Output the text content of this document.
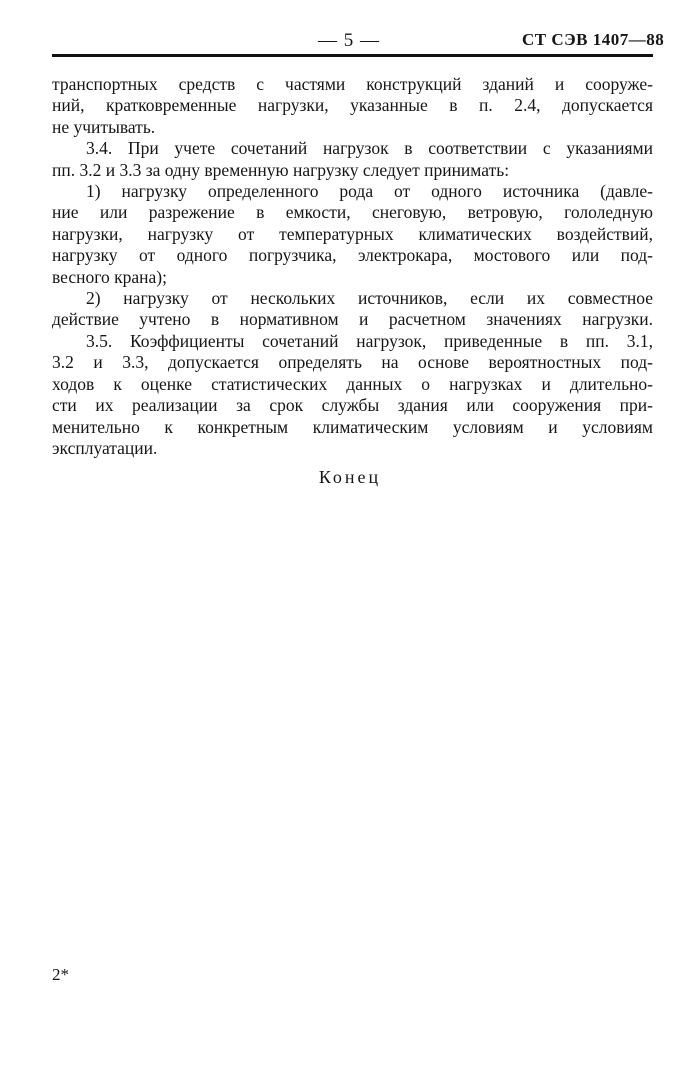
— 5 —	СТ СЭВ 1407—88
транспортных средств с частями конструкций зданий и сооруже-
ний, кратковременные нагрузки, указанные в п. 2.4, допускается
не учитывать.
3.4. При учете сочетаний нагрузок в соответствии с указаниями
пп. 3.2 и 3.3 за одну временную нагрузку следует принимать:
1) нагрузку определенного рода от одного источника (давле-
ние или разрежение в емкости, снеговую, ветровую, гололедную
нагрузки, нагрузку от температурных климатических воздействий,
нагрузку от одного погрузчика, электрокара, мостового или под-
весного крана);
2) нагрузку от нескольких источников, если их совместное
действие учтено в нормативном и расчетном значениях нагрузки.
3.5. Коэффициенты сочетаний нагрузок, приведенные в пп. 3.1,
3.2 и 3.3, допускается определять на основе вероятностных под-
ходов к оценке статистических данных о нагрузках и длительно-
сти их реализации за срок службы здания или сооружения при-
менительно к конкретным климатическим условиям и условиям
эксплуатации.
Конец
2*
